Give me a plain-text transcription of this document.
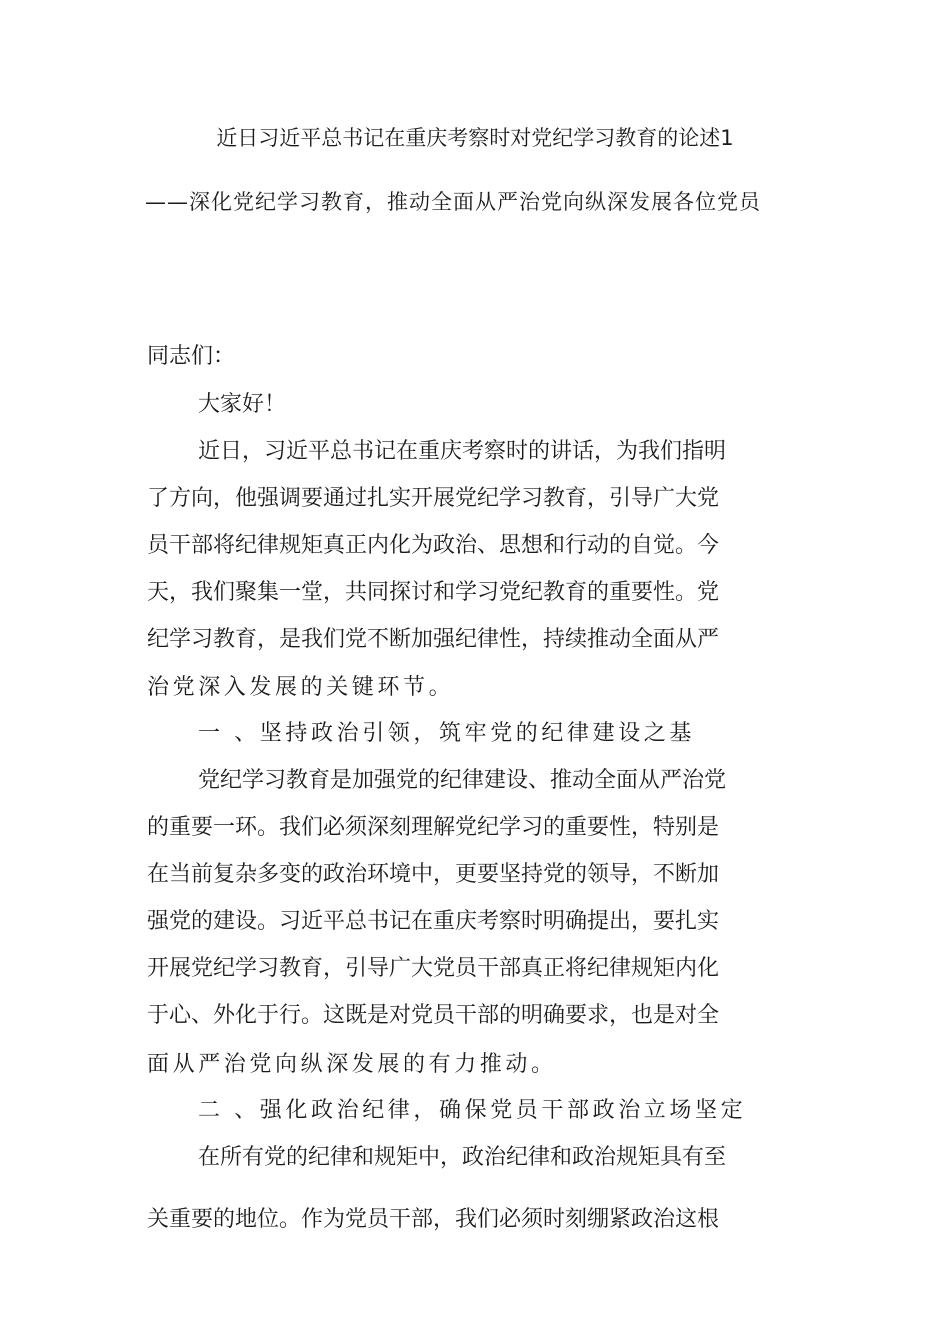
近日习近平总书记在重庆考察时对党纪学习教育的论述1
——深化党纪学习教育，推动全面从严治党向纵深发展各位党员
同志们：
大家好！
近日，习近平总书记在重庆考察时的讲话，为我们指明
了方向，他强调要通过扎实开展党纪学习教育，引导广大党
员干部将纪律规矩真正内化为政治、思想和行动的自觉。今
天，我们聚集一堂，共同探讨和学习党纪教育的重要性。党
纪学习教育，是我们党不断加强纪律性，持续推动全面从严
治党深入发展的关键环节。
一 、坚持政治引领，筑牢党的纪律建设之基
党纪学习教育是加强党的纪律建设、推动全面从严治党
的重要一环。我们必须深刻理解党纪学习的重要性，特别是
在当前复杂多变的政治环境中，更要坚持党的领导，不断加
强党的建设。习近平总书记在重庆考察时明确提出，要扎实
开展党纪学习教育，引导广大党员干部真正将纪律规矩内化
于心、外化于行。这既是对党员干部的明确要求，也是对全
面从严治党向纵深发展的有力推动。
二 、强化政治纪律，确保党员干部政治立场坚定
在所有党的纪律和规矩中，政治纪律和政治规矩具有至
关重要的地位。作为党员干部，我们必须时刻绷紧政治这根
